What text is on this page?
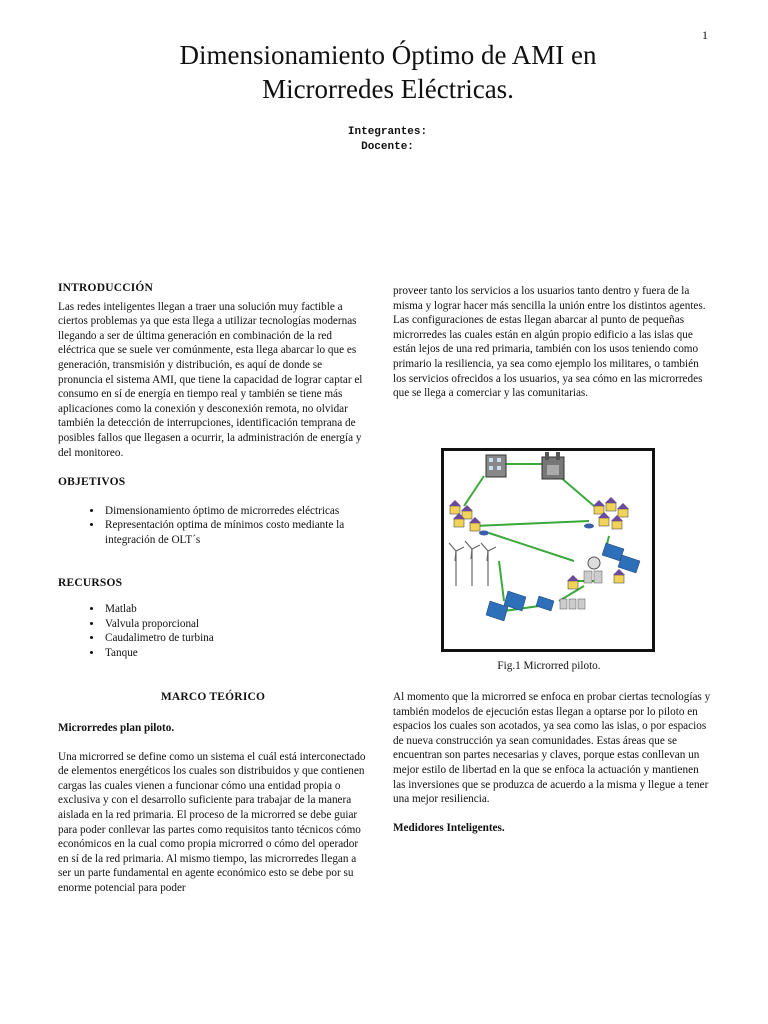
1
Dimensionamiento Óptimo de AMI en
Microrredes Eléctricas.
Integrantes:
Docente:
INTRODUCCIÓN

Las redes inteligentes llegan a traer una solución muy factible a ciertos problemas ya que esta llega a utilizar tecnologías modernas llegando a ser de última generación en combinación de la red eléctrica que se suele ver comúnmente, esta llega abarcar lo que es generación, transmisión y distribución, es aquí de donde se pronuncia el sistema AMI, que tiene la capacidad de lograr captar el consumo en sí de energía en tiempo real y también se tiene más aplicaciones como la conexión y desconexión remota, no olvidar también la detección de interrupciones, identificación temprana de posibles fallos que llegasen a ocurrir, la administración de energía y del monitoreo.

OBJETIVOS
• Dimensionamiento óptimo de microrredes eléctricas
• Representación optima de mínimos costo mediante la integración de OLT´s
RECURSOS
• Matlab
• Valvula proporcional
• Caudalimetro de turbina
• Tanque
MARCO TEÓRICO
Microrredes plan piloto.

Una microrred se define como un sistema el cuál está interconectado de elementos energéticos los cuales son distribuidos y que contienen cargas las cuales vienen a funcionar cómo una entidad propia o exclusiva y con el desarrollo suficiente para trabajar de la manera aislada en la red primaria. El proceso de la microrred se debe guiar para poder conllevar las partes como requisitos tanto técnicos cómo económicos en la cual como propia microrred o cómo del operador en sí de la red primaria. Al mismo tiempo, las microrredes llegan a ser un parte fundamental en agente económico esto se debe por su enorme potencial para poder

proveer tanto los servicios a los usuarios tanto dentro y fuera de la misma y lograr hacer más sencilla la unión entre los distintos agentes.

Las configuraciones de estas llegan abarcar al punto de pequeñas microrredes las cuales están en algún propio edificio a las islas que están lejos de una red primaria, también con los usos teniendo como primario la resiliencia, ya sea como ejemplo los militares, o también los servicios ofrecidos a los usuarios, ya sea cómo en las microrredes que se llega a comerciar y las comunitarias.

Fig.1 Microrred piloto.

Al momento que la microrred se enfoca en probar ciertas tecnologías y también modelos de ejecución estas llegan a optarse por lo piloto en espacios los cuales son acotados, ya sea como las islas, o por espacios de nueva construcción ya sean comunidades. Estas áreas que se encuentran son partes necesarias y claves, porque estas conllevan un mejor estilo de libertad en la que se enfoca la actuación y mantienen las inversiones que se produzca de acuerdo a la misma y llegue a tener una mejor resiliencia.

Medidores Inteligentes.
